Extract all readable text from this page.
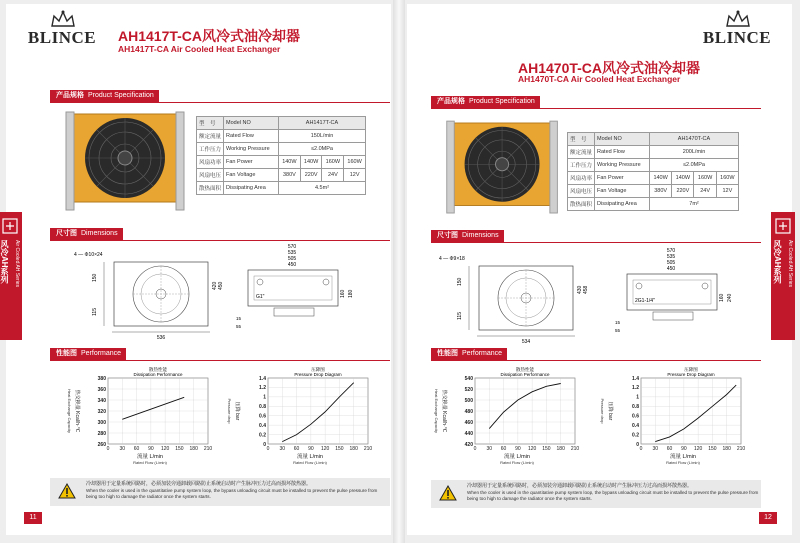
BLINCE	AH1417T-CA风冷式油冷却器
AH1417T-CA Air Cooled Heat Exchanger
产品规格 Product Specification
型　号	Model NO	AH1417T-CA			
额定流量	Rated Flow	150L/min			
工作压力	Working Pressure	≤2.0MPa			
风扇功率	Fan Power	140W	140W	160W	160W
风扇电压	Fan Voltage	380V	220V	24V	12V
散热面积	Dissipating Area	4.5m²			
尺寸图 Dimensions
536
4 — Φ10×24
150
115
420 450
570
535
505
450
G1"
15
55
180
160
性能图 Performance
散热性能
Dissipation Performance
0 30 60 90 120 150 180 210
260
280
300
320
340
360
380
流量 L/min
Rated Flow (L/min)
热交换量 Kcal/h·℃
Heat Exchange Capacity
压降图
Pressure Drop Diagram
0 30 60 90 120 150 180 210
0
0.2
0.4
0.6
0.8
1
1.2
1.4
流量 L/min
Rated Flow (L/min)
压降 bar
Pressure drop
冷却器用于定量系统回路时，必须加装旁通卸载回路防止系统启动时产生脉冲压力过高而损坏散热器。
When the cooler is used in the quantitative pump system loop, the bypass unloading circuit must be installed to prevent the pulse pressure from being too high to damage the radiator once the system starts.
11
风冷AH系列	Air Cooled AH Series
BLINCE
AH1470T-CA风冷式油冷却器
AH1470T-CA Air Cooled Heat Exchanger
产品规格 Product Specification
型　号	Model NO	AH1470T-CA			
额定流量	Rated Flow	200L/min			
工作压力	Working Pressure	≤2.0MPa			
风扇功率	Fan Power	140W	140W	160W	160W
风扇电压	Fan Voltage	380V	220V	24V	12V
散热面积	Dissipating Area	7m²			
尺寸图 Dimensions
534
4 — Φ9×18
150
115
430 458
570
535
505
450
2G1-1/4"
15
55
240
160
性能图 Performance
散热性能
Dissipation Performance
0 30 60 90 120 150 180 210
420
440
460
480
500
520
540
流量 L/min
Rated Flow (L/min)
热交换量 Kcal/h·℃
Heat Exchange Capacity
压降图
Pressure Drop Diagram
0 30 60 90 120 150 180 210
0
0.2
0.4
0.6
0.8
1
1.2
1.4
流量 L/min
Rated Flow (L/min)
压降 bar
Pressure drop
冷却器用于定量系统回路时，必须加装旁通卸载回路防止系统启动时产生脉冲压力过高而损坏散热器。
When the cooler is used in the quantitative pump system loop, the bypass unloading circuit must be installed to prevent the pulse pressure from being too high to damage the radiator once the system starts.
12
风冷AH系列	Air Cooled AH Series
